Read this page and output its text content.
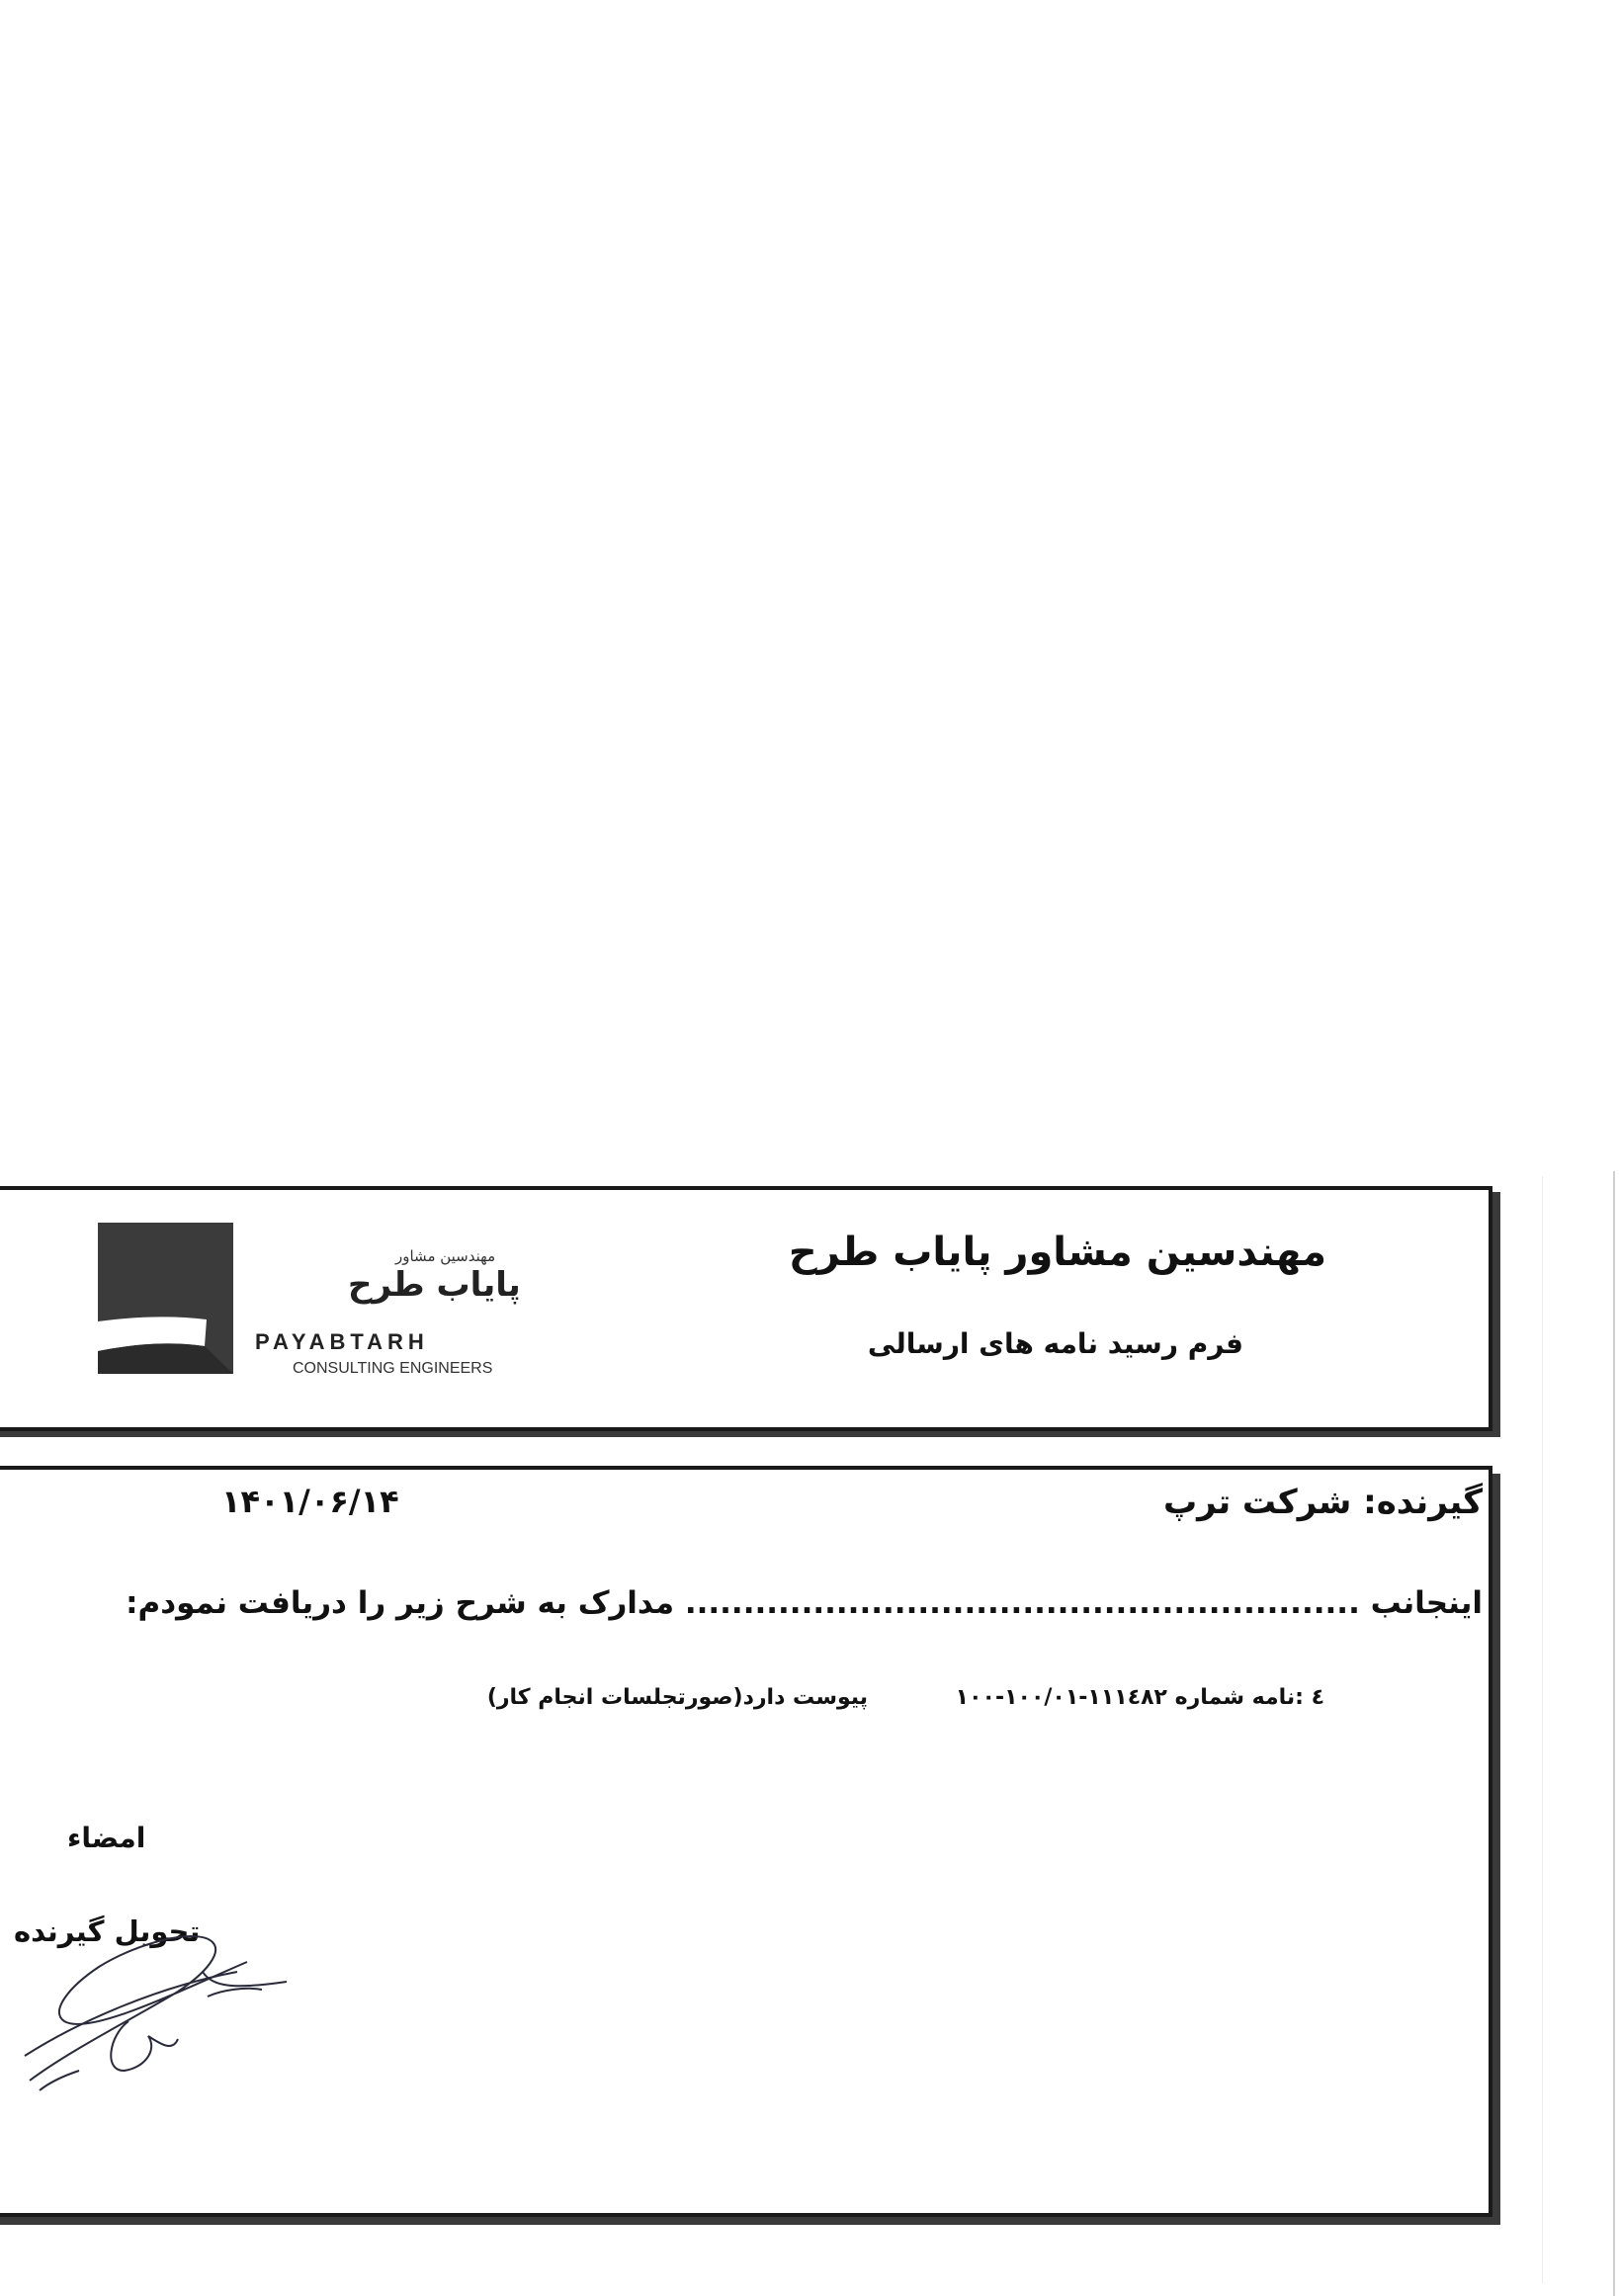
مهندسین مشاور
پایاب طرح
PAYABTARH
CONSULTING ENGINEERS
مهندسین مشاور پایاب طرح
فرم رسید نامه های ارسالی
گیرنده: شرکت ترپ
۱۴۰۱/۰۶/۱۴
اینجانب .......................................................... مدارک به شرح زیر را دریافت نمودم:
٤ :نامه شماره ۱۱۱٤۸۲-۱۰۰/۰۱-۱۰۰
پیوست دارد(صورتجلسات انجام کار)
امضاء
تحویل گیرنده
